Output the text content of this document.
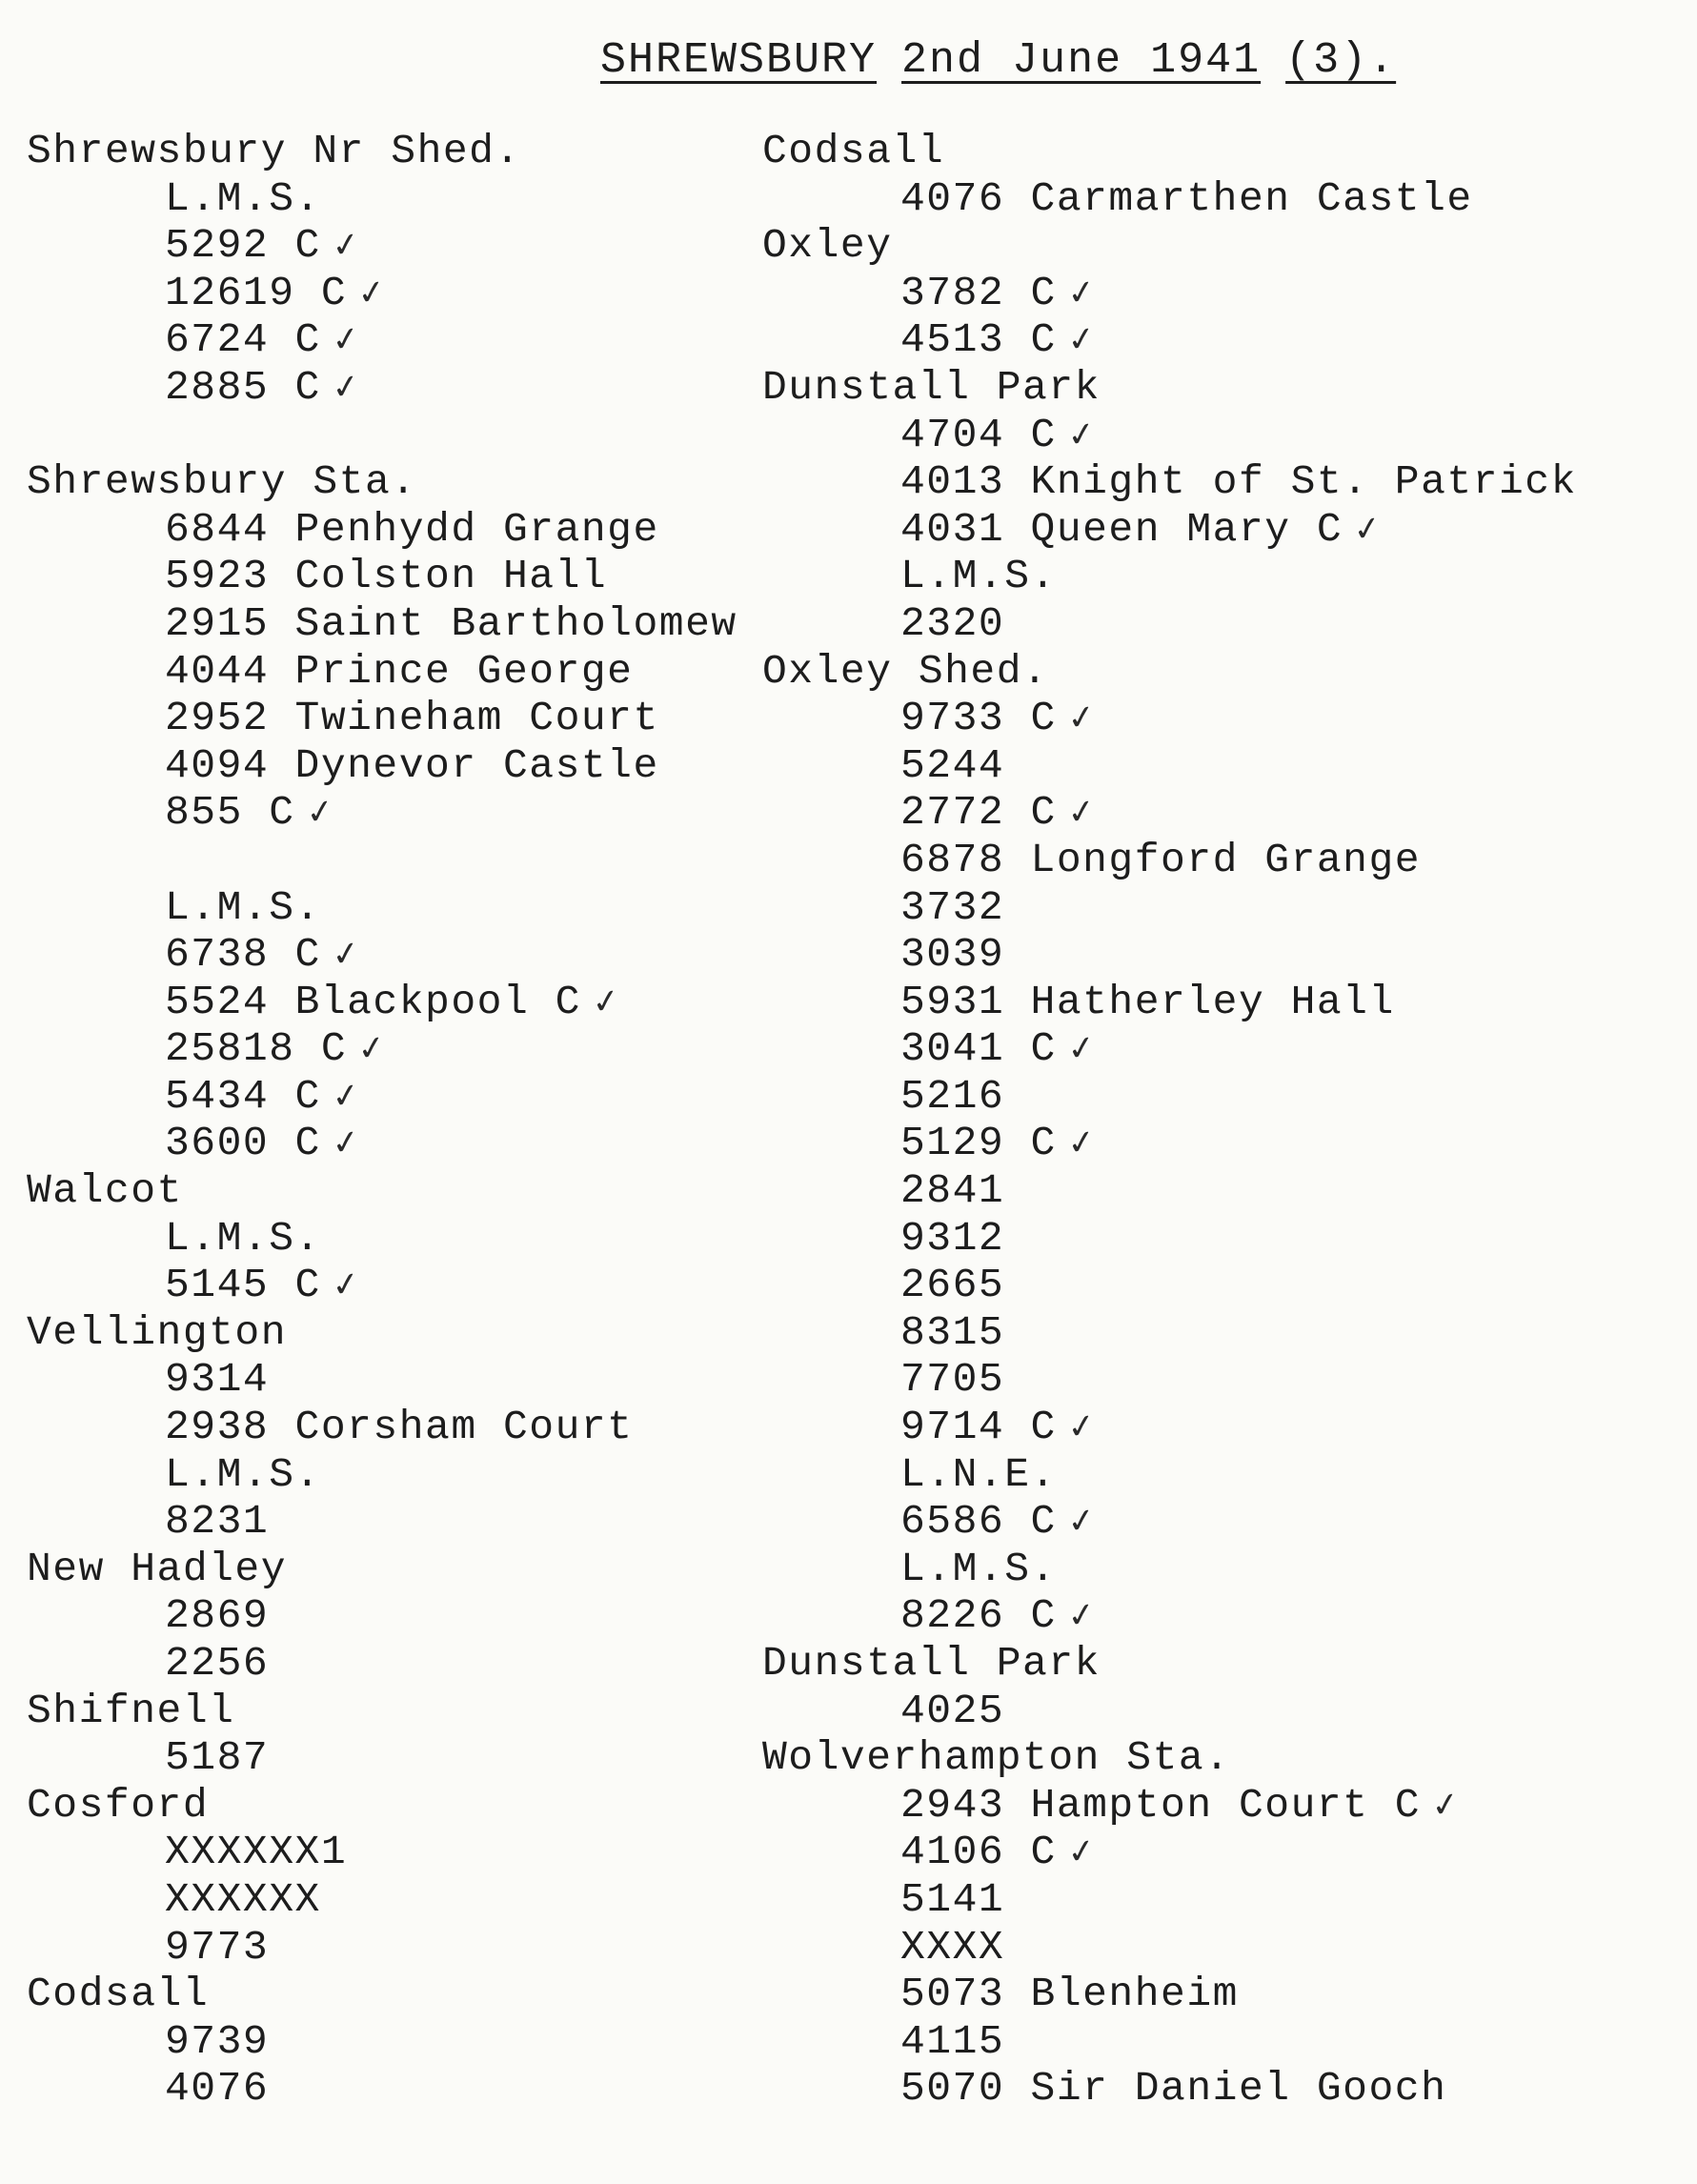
SHREWSBURY 2nd June 1941 (3).
Shrewsbury Nr Shed.
L.M.S.
5292 C ✓
12619 C ✓
6724 C ✓
2885 C ✓
Shrewsbury Sta.
6844 Penhydd Grange
5923 Colston Hall
2915 Saint Bartholomew
4044 Prince George
2952 Twineham Court
4094 Dynevor Castle
855 C ✓
L.M.S.
6738 C ✓
5524 Blackpool C ✓
25818 C ✓
5434 C ✓
3600 C ✓
Walcot
L.M.S.
5145 C ✓
Vellington
9314
2938 Corsham Court
L.M.S.
8231
New Hadley
2869
2256
Shifnell
5187
Cosford
XXXXXX1
XXXXXX
9773
Codsall
9739
4076
Codsall
4076 Carmarthen Castle
Oxley
3782 C ✓
4513 C ✓
Dunstall Park
4704 C ✓
4013 Knight of St. Patrick
4031 Queen Mary C ✓
L.M.S.
2320
Oxley Shed.
9733 C ✓
5244
2772 C ✓
6878 Longford Grange
3732
3039
5931 Hatherley Hall
3041 C ✓
5216
5129 C ✓
2841
9312
2665
8315
7705
9714 C ✓
L.N.E.
6586 C ✓
L.M.S.
8226 C ✓
Dunstall Park
4025
Wolverhampton Sta.
2943 Hampton Court C ✓
4106 C ✓
5141
XXXX
5073 Blenheim
4115
5070 Sir Daniel Gooch
